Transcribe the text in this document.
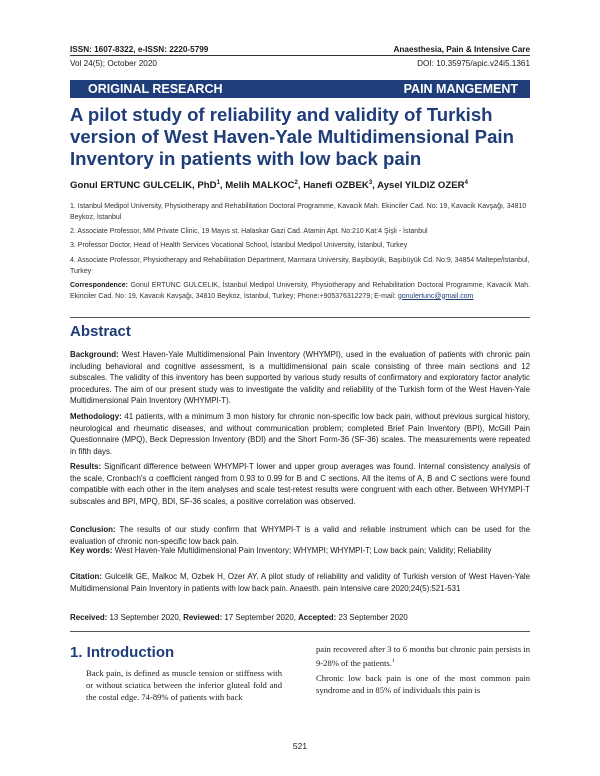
ISSN: 1607-8322, e-ISSN: 2220-5799	Anaesthesia, Pain & Intensive Care
Vol 24(5); October 2020	DOI: 10.35975/apic.v24i5.1361
ORIGINAL RESEARCH	PAIN MANGEMENT
A pilot study of reliability and validity of Turkish version of West Haven-Yale Multidimensional Pain Inventory in patients with low back pain
Gonul ERTUNC GULCELIK, PhD$^1$, Melih MALKOC$^2$, Hanefi OZBEK$^3$, Aysel YILDIZ OZER$^4$
1. Istanbul Medipol University, Physiotherapy and Rehabilitation Doctoral Programme, Kavacik Mah. Ekinciler Cad. No: 19, Kavacik Kavşağı, 34810 Beykoz, İstanbul
2. Associate Professor, MM Private Clinic, 19 Mayıs st. Halaskar Gazi Cad. Atamin Apt. No:210 Kat:4 Şişli - İstanbul
3. Professor Doctor, Head of Health Services Vocational School, İstanbul Medipol University, İstanbul, Turkey
4. Associate Professor, Physiotherapy and Rehabilitation Department, Marmara University, Başıbüyük, Başıbüyük Cd. No:9, 34854 Maltepe/İstanbul, Turkey
Correspondence: Gonul ERTUNC GULCELIK, İstanbul Medipol University, Physiotherapy and Rehabilitation Doctoral Programme, Kavacık Mah. Ekinciler Cad. No: 19, Kavacık Kavşağı, 34810 Beykoz, İstanbul, Turkey; Phone:+905376312279; E-mail: gonulertunc@gmail.com
Abstract
Background: West Haven-Yale Multidimensional Pain Inventory (WHYMPI), used in the evaluation of patients with chronic pain including behavioral and cognitive assessment, is a multidimensional pain scale consisting of three main sections and 12 subscales. The validity of this inventory has been supported by various study results of confirmatory and exploratory factor analytic procedures. The aim of our present study was to investigate the validity and reliability of the Turkish form of the West Haven-Yale Multidimensional Pain Inventory (WHYMPI-T).
Methodology: 41 patients, with a minimum 3 mon history for chronic non-specific low back pain, without previous surgical history, neurological and rheumatic diseases, and without communication problem; completed Brief Pain Inventory (BPI), McGill Pain Questionnaire (MPQ), Beck Depression Inventory (BDI) and the Short Form-36 (SF-36) scales. The measurements were repeated in fifth days.
Results: Significant difference between WHYMPI-T lower and upper group averages was found. Internal consistency analysis of the scale, Cronbach's α coefficient ranged from 0.93 to 0.99 for B and C sections. All the items of A, B and C sections were found compatible with each other in the item analyses and scale test-retest results were congruent with each other. Between WHYMPI-T subscales and BPI, MPQ, BDI, SF-36 scales, a positive correlation was observed.
Conclusion: The results of our study confirm that WHYMPI-T is a valid and reliable instrument which can be used for the evaluation of chronic non-specific low back pain.
Key words: West Haven-Yale Multidimensional Pain Inventory; WHYMPI; WHYMPI-T; Low back pain; Validity; Reliability
Citation: Gulcelik GE, Malkoc M, Ozbek H, Ozer AY. A pilot study of reliability and validity of Turkish version of West Haven-Yale Multidimensional Pain Inventory in patients with low back pain. Anaesth. pain intensive care 2020;24(5):521-531
Received: 13 September 2020, Reviewed: 17 September 2020, Accepted: 23 September 2020
1. Introduction
Back pain, is defined as muscle tension or stiffness with or without sciatica between the inferior gluteal fold and the costal edge. 74-89% of patients with back
pain recovered after 3 to 6 months but chronic pain persists in 9-28% of the patients.$^1$
Chronic low back pain is one of the most common pain syndrome and in 85% of individuals this pain is
521
